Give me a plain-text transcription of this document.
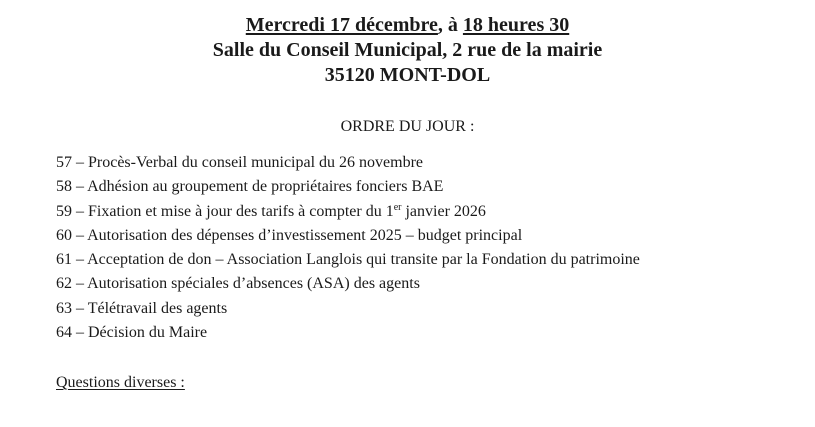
Mercredi 17 décembre, à 18 heures 30
Salle du Conseil Municipal, 2 rue de la mairie
35120 MONT-DOL
ORDRE DU JOUR :
57 – Procès-Verbal du conseil municipal du 26 novembre
58 – Adhésion au groupement de propriétaires fonciers BAE
59 – Fixation et mise à jour des tarifs à compter du 1er janvier 2026
60 – Autorisation des dépenses d’investissement 2025 – budget principal
61 – Acceptation de don – Association Langlois qui transite par la Fondation du patrimoine
62 – Autorisation spéciales d’absences (ASA) des agents
63 – Télétravail des agents
64 – Décision du Maire
Questions diverses :
